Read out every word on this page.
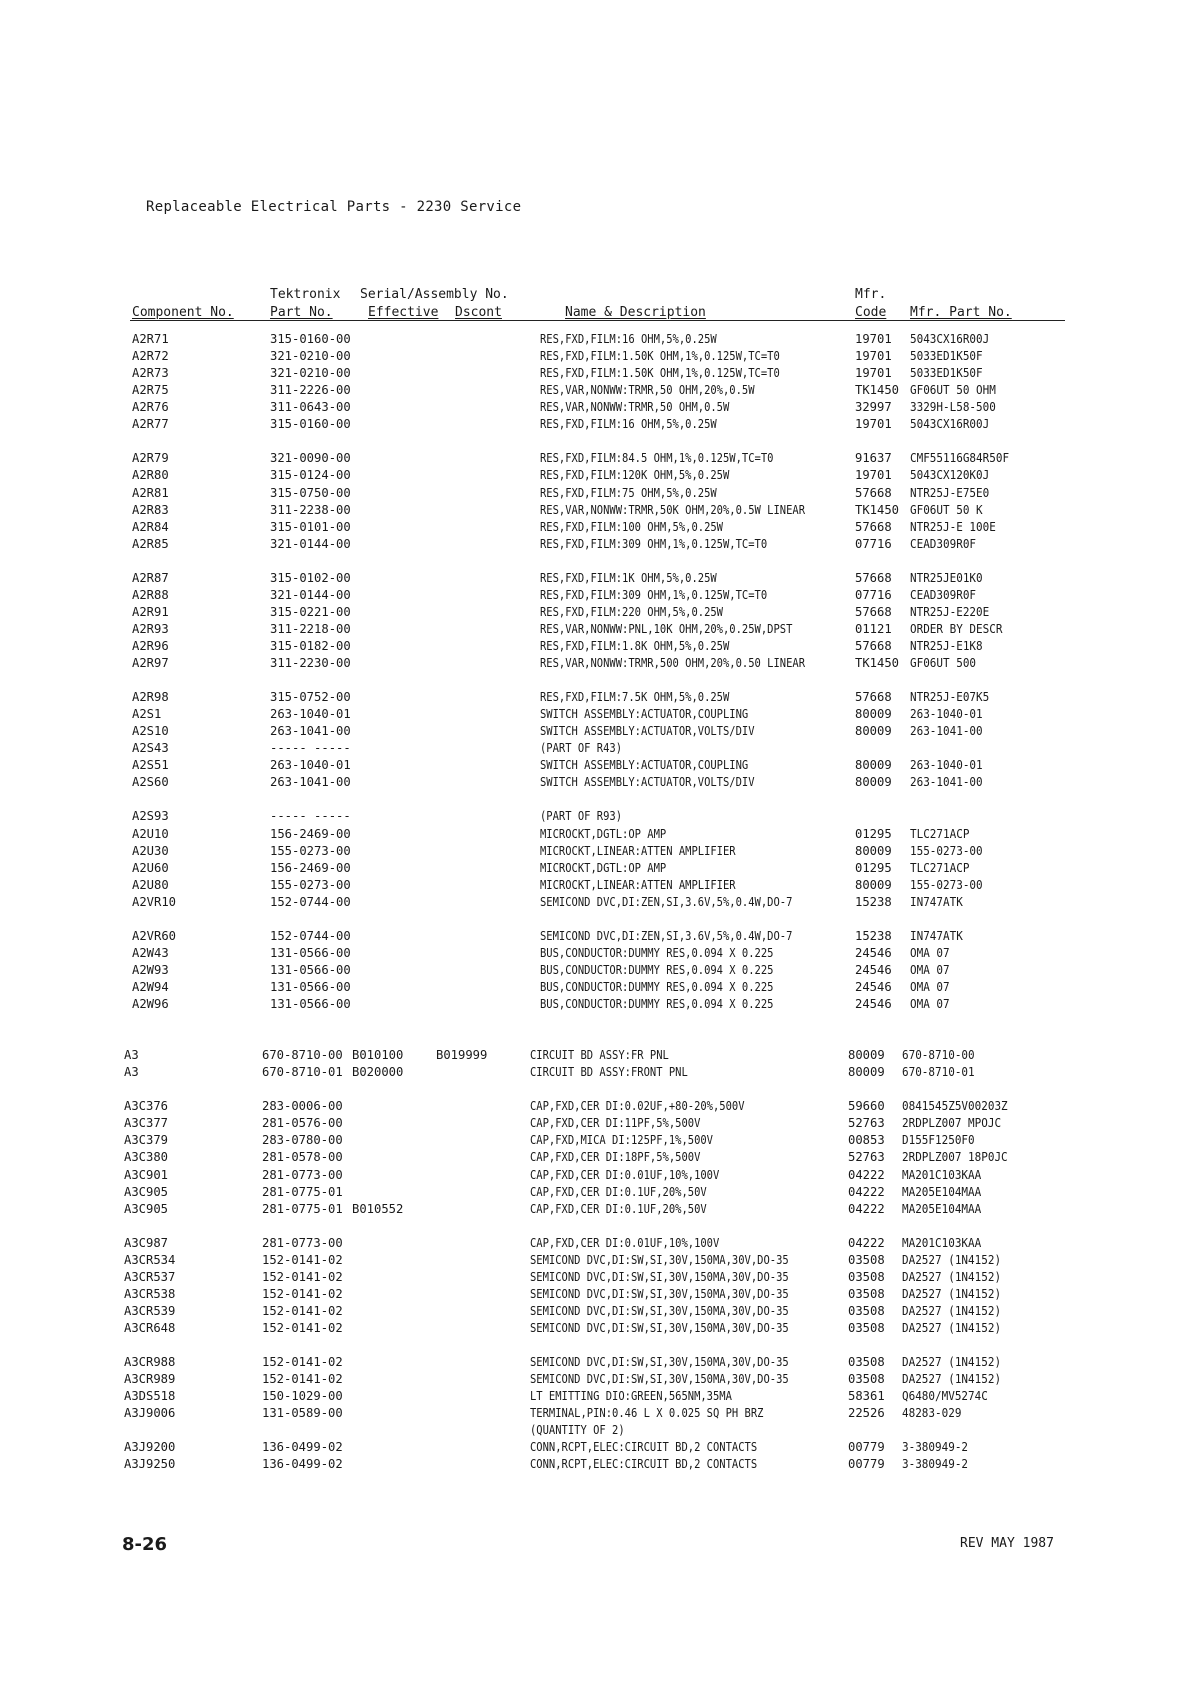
Replaceable Electrical Parts - 2230 Service
Tektronix Serial/Assembly No.	Mfr.
Component No.	Part No.	Effective Dscont	Name & Description	Code Mfr. Part No.
A2R71	315-0160-00	RES,FXD,FILM:16 OHM,5%,0.25W	19701 5043CX16R00J
A2R72	321-0210-00	RES,FXD,FILM:1.50K OHM,1%,0.125W,TC=T0	19701 5033ED1K50F
A2R73	321-0210-00	RES,FXD,FILM:1.50K OHM,1%,0.125W,TC=T0	19701 5033ED1K50F
A2R75	311-2226-00	RES,VAR,NONWW:TRMR,50 OHM,20%,0.5W	TK1450 GF06UT 50 OHM
A2R76	311-0643-00	RES,VAR,NONWW:TRMR,50 OHM,0.5W	32997 3329H-L58-500
A2R77	315-0160-00	RES,FXD,FILM:16 OHM,5%,0.25W	19701 5043CX16R00J
A2R79	321-0090-00	RES,FXD,FILM:84.5 OHM,1%,0.125W,TC=T0	91637 CMF55116G84R50F
A2R80	315-0124-00	RES,FXD,FILM:120K OHM,5%,0.25W	19701 5043CX120K0J
A2R81	315-0750-00	RES,FXD,FILM:75 OHM,5%,0.25W	57668 NTR25J-E75E0
A2R83	311-2238-00	RES,VAR,NONWW:TRMR,50K OHM,20%,0.5W LINEAR	TK1450 GF06UT 50 K
A2R84	315-0101-00	RES,FXD,FILM:100 OHM,5%,0.25W	57668 NTR25J-E 100E
A2R85	321-0144-00	RES,FXD,FILM:309 OHM,1%,0.125W,TC=T0	07716 CEAD309R0F
A2R87	315-0102-00	RES,FXD,FILM:1K OHM,5%,0.25W	57668 NTR25JE01K0
A2R88	321-0144-00	RES,FXD,FILM:309 OHM,1%,0.125W,TC=T0	07716 CEAD309R0F
A2R91	315-0221-00	RES,FXD,FILM:220 OHM,5%,0.25W	57668 NTR25J-E220E
A2R93	311-2218-00	RES,VAR,NONWW:PNL,10K OHM,20%,0.25W,DPST	01121 ORDER BY DESCR
A2R96	315-0182-00	RES,FXD,FILM:1.8K OHM,5%,0.25W	57668 NTR25J-E1K8
A2R97	311-2230-00	RES,VAR,NONWW:TRMR,500 OHM,20%,0.50 LINEAR	TK1450 GF06UT 500
A2R98	315-0752-00	RES,FXD,FILM:7.5K OHM,5%,0.25W	57668 NTR25J-E07K5
A2S1	263-1040-01	SWITCH ASSEMBLY:ACTUATOR,COUPLING	80009 263-1040-01
A2S10	263-1041-00	SWITCH ASSEMBLY:ACTUATOR,VOLTS/DIV	80009 263-1041-00
A2S43	----- -----	(PART OF R43)
A2S51	263-1040-01	SWITCH ASSEMBLY:ACTUATOR,COUPLING	80009 263-1040-01
A2S60	263-1041-00	SWITCH ASSEMBLY:ACTUATOR,VOLTS/DIV	80009 263-1041-00
A2S93	----- -----	(PART OF R93)
A2U10	156-2469-00	MICROCKT,DGTL:OP AMP	01295 TLC271ACP
A2U30	155-0273-00	MICROCKT,LINEAR:ATTEN AMPLIFIER	80009 155-0273-00
A2U60	156-2469-00	MICROCKT,DGTL:OP AMP	01295 TLC271ACP
A2U80	155-0273-00	MICROCKT,LINEAR:ATTEN AMPLIFIER	80009 155-0273-00
A2VR10	152-0744-00	SEMICOND DVC,DI:ZEN,SI,3.6V,5%,0.4W,DO-7	15238 IN747ATK
A2VR60	152-0744-00	SEMICOND DVC,DI:ZEN,SI,3.6V,5%,0.4W,DO-7	15238 IN747ATK
A2W43	131-0566-00	BUS,CONDUCTOR:DUMMY RES,0.094 X 0.225	24546 OMA 07
A2W93	131-0566-00	BUS,CONDUCTOR:DUMMY RES,0.094 X 0.225	24546 OMA 07
A2W94	131-0566-00	BUS,CONDUCTOR:DUMMY RES,0.094 X 0.225	24546 OMA 07
A2W96	131-0566-00	BUS,CONDUCTOR:DUMMY RES,0.094 X 0.225	24546 OMA 07
A3	670-8710-00 B010100	B019999	CIRCUIT BD ASSY:FR PNL	80009 670-8710-00
A3	670-8710-01 B020000	CIRCUIT BD ASSY:FRONT PNL	80009 670-8710-01
A3C376	283-0006-00	CAP,FXD,CER DI:0.02UF,+80-20%,500V	59660 0841545Z5V00203Z
A3C377	281-0576-00	CAP,FXD,CER DI:11PF,5%,500V	52763 2RDPLZ007 MPOJC
A3C379	283-0780-00	CAP,FXD,MICA DI:125PF,1%,500V	00853 D155F1250F0
A3C380	281-0578-00	CAP,FXD,CER DI:18PF,5%,500V	52763 2RDPLZ007 18P0JC
A3C901	281-0773-00	CAP,FXD,CER DI:0.01UF,10%,100V	04222 MA201C103KAA
A3C905	281-0775-01	CAP,FXD,CER DI:0.1UF,20%,50V	04222 MA205E104MAA
A3C905	281-0775-01 B010552	CAP,FXD,CER DI:0.1UF,20%,50V	04222 MA205E104MAA
A3C987	281-0773-00	CAP,FXD,CER DI:0.01UF,10%,100V	04222 MA201C103KAA
A3CR534	152-0141-02	SEMICOND DVC,DI:SW,SI,30V,150MA,30V,DO-35	03508 DA2527 (1N4152)
A3CR537	152-0141-02	SEMICOND DVC,DI:SW,SI,30V,150MA,30V,DO-35	03508 DA2527 (1N4152)
A3CR538	152-0141-02	SEMICOND DVC,DI:SW,SI,30V,150MA,30V,DO-35	03508 DA2527 (1N4152)
A3CR539	152-0141-02	SEMICOND DVC,DI:SW,SI,30V,150MA,30V,DO-35	03508 DA2527 (1N4152)
A3CR648	152-0141-02	SEMICOND DVC,DI:SW,SI,30V,150MA,30V,DO-35	03508 DA2527 (1N4152)
A3CR988	152-0141-02	SEMICOND DVC,DI:SW,SI,30V,150MA,30V,DO-35	03508 DA2527 (1N4152)
A3CR989	152-0141-02	SEMICOND DVC,DI:SW,SI,30V,150MA,30V,DO-35	03508 DA2527 (1N4152)
A3DS518	150-1029-00	LT EMITTING DIO:GREEN,565NM,35MA	58361 Q6480/MV5274C
A3J9006	131-0589-00	TERMINAL,PIN:0.46 L X 0.025 SQ PH BRZ	22526 48283-029
(QUANTITY OF 2)
A3J9200	136-0499-02	CONN,RCPT,ELEC:CIRCUIT BD,2 CONTACTS	00779 3-380949-2
A3J9250	136-0499-02	CONN,RCPT,ELEC:CIRCUIT BD,2 CONTACTS	00779 3-380949-2
8-26	REV MAY 1987
